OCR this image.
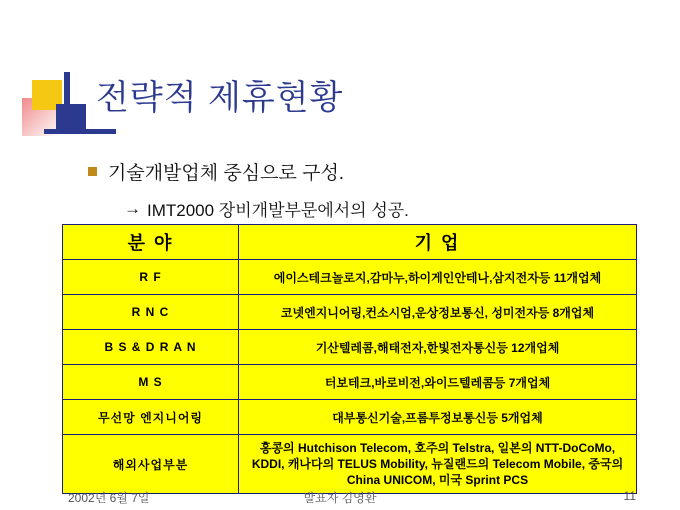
전략적 제휴현황
기술개발업체 중심으로 구성.
→ IMT2000 장비개발부문에서의 성공.
분 야	기 업
R F	에이스테크놀로지,감마누,하이게인안테나,삼지전자등 11개업체
R N C	코넷엔지니어링,컨소시엄,운상정보통신, 성미전자등 8개업체
B S & D R A N	기산텔레콤,해태전자,한빛전자통신등 12개업체
M S	터보테크,바로비전,와이드텔레콤등 7개업체
무선망 엔지니어링	대부통신기술,프롬투정보통신등 5개업체
해외사업부분	홍콩의 Hutchison Telecom, 호주의 Telstra, 일본의 NTT-DoCoMo, KDDI, 캐나다의 TELUS Mobility, 뉴질랜드의 Telecom Mobile, 중국의 China UNICOM, 미국 Sprint PCS
2002년 6월 7일	발표자 김영환	11
